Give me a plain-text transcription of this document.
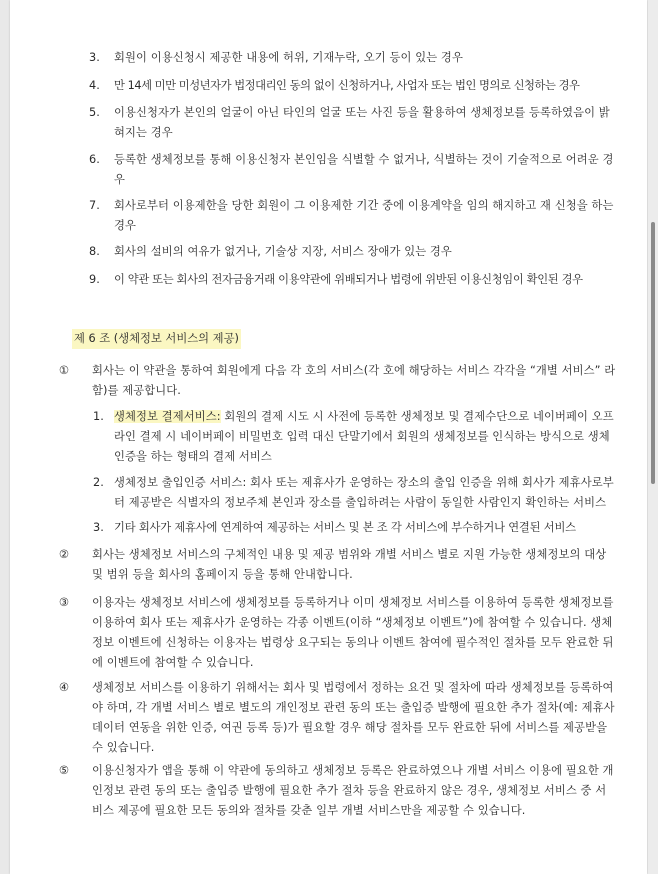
3. 회원이 이용신청시 제공한 내용에 허위, 기재누락, 오기 등이 있는 경우
4. 만 14세 미만 미성년자가 법정대리인 동의 없이 신청하거나, 사업자 또는 법인 명의로 신청하는 경우
5. 이용신청자가 본인의 얼굴이 아닌 타인의 얼굴 또는 사진 등을 활용하여 생체정보를 등록하였음이 밝혀지는 경우
6. 등록한 생체정보를 통해 이용신청자 본인임을 식별할 수 없거나, 식별하는 것이 기술적으로 어려운 경우
7. 회사로부터 이용제한을 당한 회원이 그 이용제한 기간 중에 이용계약을 임의 해지하고 재 신청을 하는 경우
8. 회사의 설비의 여유가 없거나, 기술상 지장, 서비스 장애가 있는 경우
9. 이 약관 또는 회사의 전자금융거래 이용약관에 위배되거나 법령에 위반된 이용신청임이 확인된 경우
제 6 조 (생체정보 서비스의 제공)
①	회사는 이 약관을 통하여 회원에게 다음 각 호의 서비스(각 호에 해당하는 서비스 각각을 “개별 서비스” 라 함)를 제공합니다.
1. 생체정보 결제서비스: 회원의 결제 시도 시 사전에 등록한 생체정보 및 결제수단으로 네이버페이 오프라인 결제 시 네이버페이 비밀번호 입력 대신 단말기에서 회원의 생체정보를 인식하는 방식으로 생체인증을 하는 형태의 결제 서비스
2. 생체정보 출입인증 서비스: 회사 또는 제휴사가 운영하는 장소의 출입 인증을 위해 회사가 제휴사로부터 제공받은 식별자의 정보주체 본인과 장소를 출입하려는 사람이 동일한 사람인지 확인하는 서비스
3. 기타 회사가 제휴사에 연계하여 제공하는 서비스 및 본 조 각 서비스에 부수하거나 연결된 서비스
②	회사는 생체정보 서비스의 구체적인 내용 및 제공 범위와 개별 서비스 별로 지원 가능한 생체정보의 대상 및 범위 등을 회사의 홈페이지 등을 통해 안내합니다.
③	이용자는 생체정보 서비스에 생체정보를 등록하거나 이미 생체정보 서비스를 이용하여 등록한 생체정보를 이용하여 회사 또는 제휴사가 운영하는 각종 이벤트(이하 “생체정보 이벤트”)에 참여할 수 있습니다. 생체정보 이벤트에 신청하는 이용자는 법령상 요구되는 동의나 이벤트 참여에 필수적인 절차를 모두 완료한 뒤에 이벤트에 참여할 수 있습니다.
④	생체정보 서비스를 이용하기 위해서는 회사 및 법령에서 정하는 요건 및 절차에 따라 생체정보를 등록하여야 하며, 각 개별 서비스 별로 별도의 개인정보 관련 동의 또는 출입증 발행에 필요한 추가 절차(예: 제휴사 데이터 연동을 위한 인증, 여권 등록 등)가 필요할 경우 해당 절차를 모두 완료한 뒤에 서비스를 제공받을 수 있습니다.
⑤	이용신청자가 앱을 통해 이 약관에 동의하고 생체정보 등록은 완료하였으나 개별 서비스 이용에 필요한 개인정보 관련 동의 또는 출입증 발행에 필요한 추가 절차 등을 완료하지 않은 경우, 생체정보 서비스 중 서비스 제공에 필요한 모든 동의와 절차를 갖춘 일부 개별 서비스만을 제공할 수 있습니다.
